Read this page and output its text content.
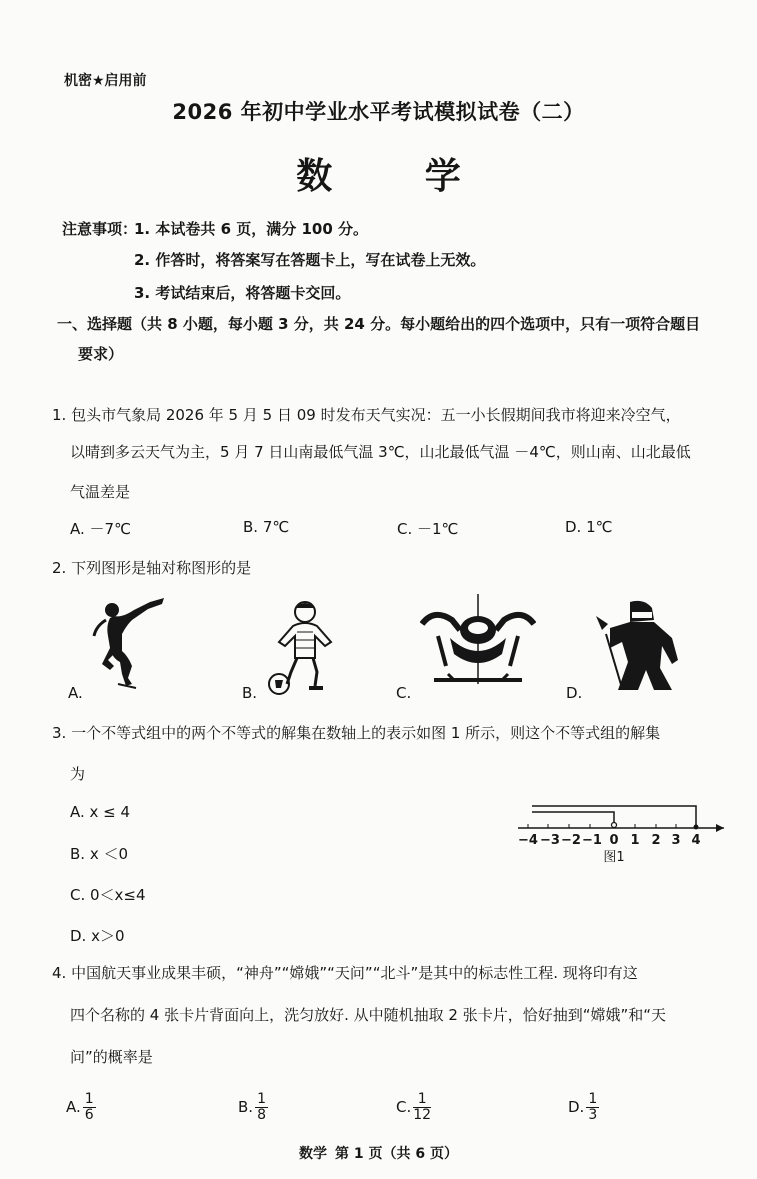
机密★启用前
2026 年初中学业水平考试模拟试卷（二）
数 学
注意事项：
1. 本试卷共 6 页，满分 100 分。
2. 作答时，将答案写在答题卡上，写在试卷上无效。
3. 考试结束后，将答题卡交回。
一、选择题（共 8 小题，每小题 3 分，共 24 分。每小题给出的四个选项中，只有一项符合题目
要求）
1. 包头市气象局 2026 年 5 月 5 日 09 时发布天气实况：五一小长假期间我市将迎来冷空气，
以晴到多云天气为主，5 月 7 日山南最低气温 3℃，山北最低气温 －4℃，则山南、山北最低
气温差是
A. －7℃	B. 7℃	C. －1℃	D. 1℃
2. 下列图形是轴对称图形的是
A.	B.	C.	D.
3. 一个不等式组中的两个不等式的解集在数轴上的表示如图 1 所示，则这个不等式组的解集
为
A. x ≤ 4
B. x ＜0
C. 0＜x≤4
D. x＞0
−4 −3 −2 −1 0 1 2 3 4
图1
4. 中国航天事业成果丰硕，“神舟”“嫦娥”“天问”“北斗”是其中的标志性工程. 现将印有这
四个名称的 4 张卡片背面向上，洗匀放好. 从中随机抽取 2 张卡片，恰好抽到“嫦娥”和“天
问”的概率是
A. $\frac{1}{6}$	B. $\frac{1}{8}$	C. $\frac{1}{12}$	D. $\frac{1}{3}$
数学 第 1 页（共 6 页）
